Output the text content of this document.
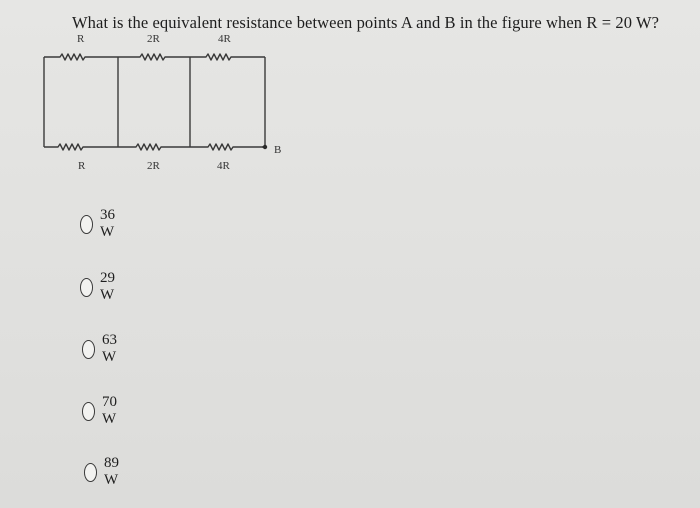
What is the equivalent resistance between points A and B in the figure when R = 20 W?
R	2R	4R
R	2R	4R
B
36 W
29 W
63 W
70 W
89 W
